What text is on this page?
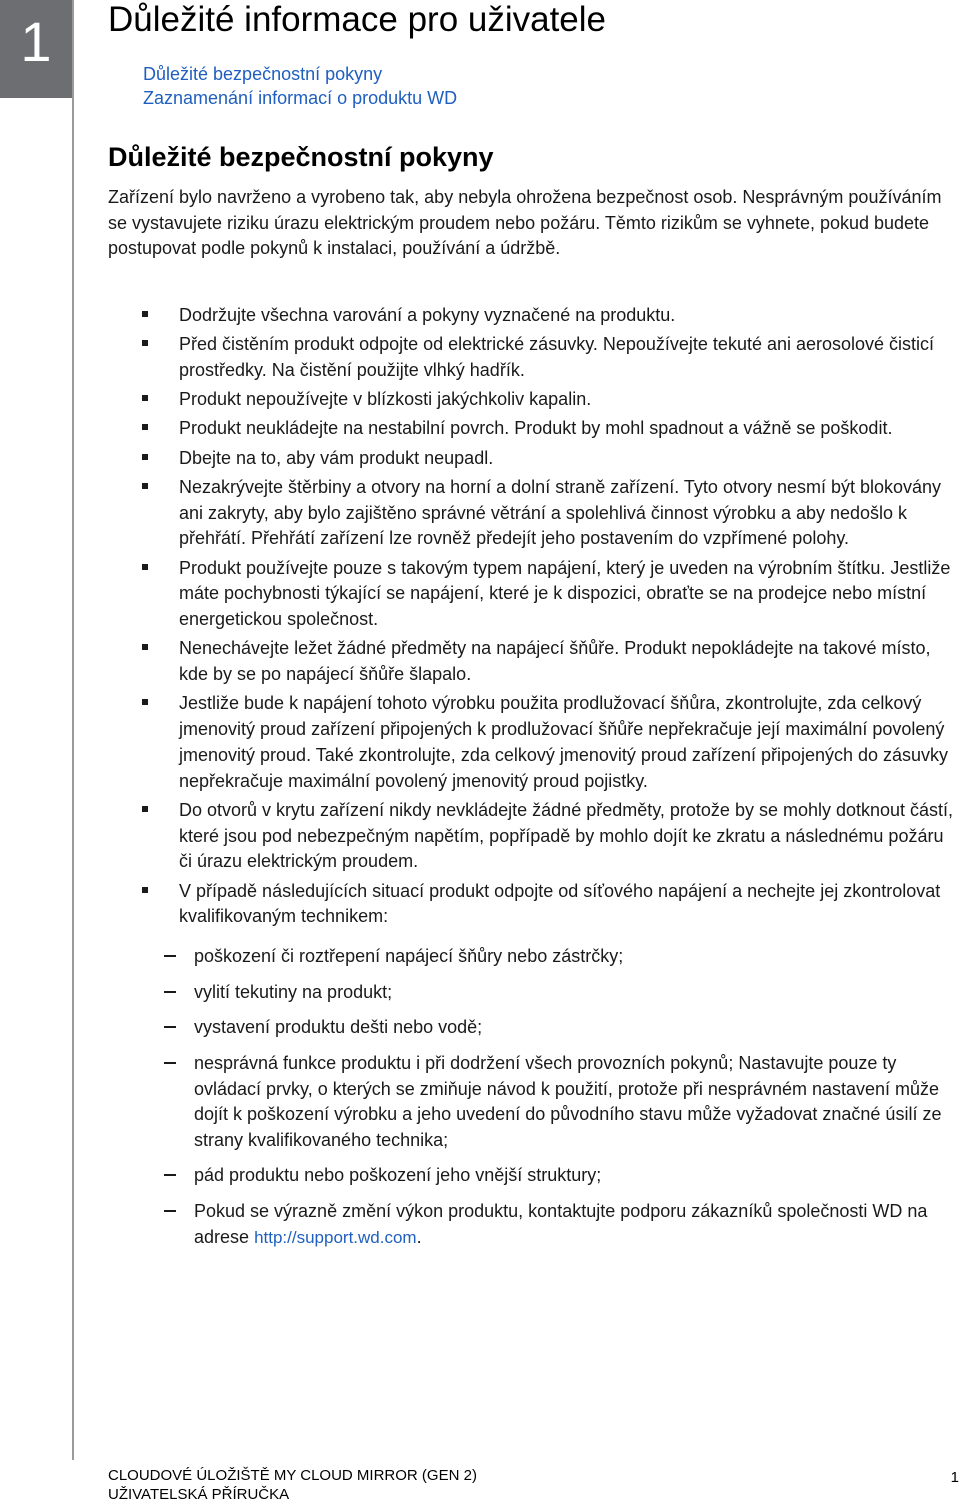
1	Důležité informace pro uživatele
Důležité bezpečnostní pokyny
Zaznamenání informací o produktu WD
Důležité bezpečnostní pokyny
Zařízení bylo navrženo a vyrobeno tak, aby nebyla ohrožena bezpečnost osob. Nesprávným používáním se vystavujete riziku úrazu elektrickým proudem nebo požáru. Těmto rizikům se vyhnete, pokud budete postupovat podle pokynů k instalaci, používání a údržbě.
Dodržujte všechna varování a pokyny vyznačené na produktu.
Před čistěním produkt odpojte od elektrické zásuvky. Nepoužívejte tekuté ani aerosolové čisticí prostředky. Na čistění použijte vlhký hadřík.
Produkt nepoužívejte v blízkosti jakýchkoliv kapalin.
Produkt neukládejte na nestabilní povrch. Produkt by mohl spadnout a vážně se poškodit.
Dbejte na to, aby vám produkt neupadl.
Nezakrývejte štěrbiny a otvory na horní a dolní straně zařízení. Tyto otvory nesmí být blokovány ani zakryty, aby bylo zajištěno správné větrání a spolehlivá činnost výrobku a aby nedošlo k přehřátí. Přehřátí zařízení lze rovněž předejít jeho postavením do vzpřímené polohy.
Produkt používejte pouze s takovým typem napájení, který je uveden na výrobním štítku. Jestliže máte pochybnosti týkající se napájení, které je k dispozici, obraťte se na prodejce nebo místní energetickou společnost.
Nenechávejte ležet žádné předměty na napájecí šňůře. Produkt nepokládejte na takové místo, kde by se po napájecí šňůře šlapalo.
Jestliže bude k napájení tohoto výrobku použita prodlužovací šňůra, zkontrolujte, zda celkový jmenovitý proud zařízení připojených k prodlužovací šňůře nepřekračuje její maximální povolený jmenovitý proud. Také zkontrolujte, zda celkový jmenovitý proud zařízení připojených do zásuvky nepřekračuje maximální povolený jmenovitý proud pojistky.
Do otvorů v krytu zařízení nikdy nevkládejte žádné předměty, protože by se mohly dotknout částí, které jsou pod nebezpečným napětím, popřípadě by mohlo dojít ke zkratu a následnému požáru či úrazu elektrickým proudem.
V případě následujících situací produkt odpojte od síťového napájení a nechejte jej zkontrolovat kvalifikovaným technikem:
poškození či roztřepení napájecí šňůry nebo zástrčky;
vylití tekutiny na produkt;
vystavení produktu dešti nebo vodě;
nesprávná funkce produktu i při dodržení všech provozních pokynů; Nastavujte pouze ty ovládací prvky, o kterých se zmiňuje návod k použití, protože při nesprávném nastavení může dojít k poškození výrobku a jeho uvedení do původního stavu může vyžadovat značné úsilí ze strany kvalifikovaného technika;
pád produktu nebo poškození jeho vnější struktury;
Pokud se výrazně změní výkon produktu, kontaktujte podporu zákazníků společnosti WD na adrese http://support.wd.com.
CLOUDOVÉ ÚLOŽIŠTĚ MY CLOUD MIRROR (GEN 2)
UŽIVATELSKÁ PŘÍRUČKA
1
